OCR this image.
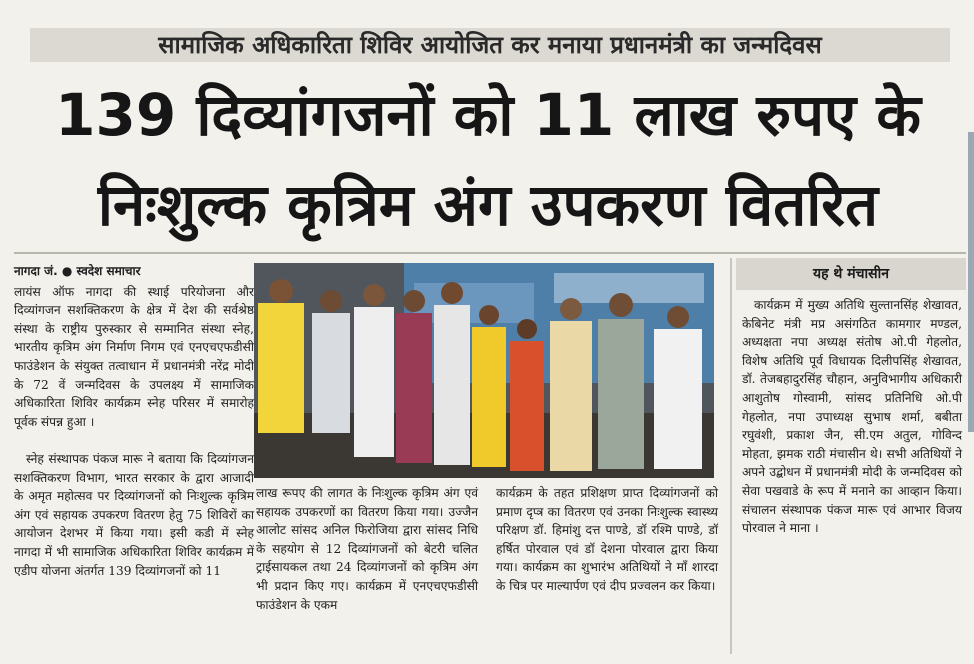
सामाजिक अधिकारिता शिविर आयोजित कर मनाया प्रधानमंत्री का जन्मदिवस
139 दिव्यांगजनों को 11 लाख रुपए के
निःशुल्क कृत्रिम अंग उपकरण वितरित

नागदा जं. ● स्वदेश समाचार

लायंस ऑफ नागदा की स्थाई परियोजना और दिव्यांगजन सशक्तिकरण के क्षेत्र में देश की सर्वश्रेष्ठ संस्था के राष्ट्रीय पुरुस्कार से सम्मानित संस्था स्नेह, भारतीय कृत्रिम अंग निर्माण निगम एवं एनएचएफडीसी फाउंडेशन के संयुक्त तत्वाधान में प्रधानमंत्री नरेंद्र मोदी के 72 वें जन्मदिवस के उपलक्ष्य में सामाजिक अधिकारिता शिविर कार्यक्रम स्नेह परिसर में समारोह पूर्वक संपन्न हुआ ।

स्नेह संस्थापक पंकज मारू ने बताया कि दिव्यांगजन सशक्तिकरण विभाग, भारत सरकार के द्वारा आजादी के अमृत महोत्सव पर दिव्यांगजनों को निःशुल्क कृत्रिम अंग एवं सहायक उपकरण वितरण हेतु 75 शिविरों का आयोजन देशभर में किया गया। इसी कडी में स्नेह नागदा में भी सामाजिक अधिकारिता शिविर कार्यक्रम में एडीप योजना अंतर्गत 139 दिव्यांगजनों को 11

लाख रूपए की लागत के निःशुल्क कृत्रिम अंग एवं सहायक उपकरणों का वितरण किया गया। उज्जैन आलोट सांसद अनिल फिरोजिया द्वारा सांसद निधि के सहयोग से 12 दिव्यांगजनों को बेटरी चलित ट्राईसायकल तथा 24 दिव्यांगजनों को कृत्रिम अंग भी प्रदान किए गए। कार्यक्रम में एनएचएफडीसी फाउंडेशन के एकम

कार्यक्रम के तहत प्रशिक्षण प्राप्त दिव्यांगजनों को प्रमाण दृप्त्र का वितरण एवं उनका निःशुल्क स्वास्थ्य परिक्षण डॉ. हिमांशु दत्त पाण्डे, डॉ रश्मि पाण्डे, डॉ हर्षित पोरवाल एवं डॉ देशना पोरवाल द्वारा किया गया। कार्यक्रम का शुभारंभ अतिथियों ने माँ शारदा के चित्र पर माल्यार्पण एवं दीप प्रज्वलन कर किया।

यह थे मंचासीन

कार्यक्रम में मुख्य अतिथि सुल्तानसिंह शेखावत, केबिनेट मंत्री मप्र असंगठित कामगार मण्डल, अध्यक्षता नपा अध्यक्ष संतोष ओ.पी गेहलोत, विशेष अतिथि पूर्व विधायक दिलीपसिंह शेखावत, डॉ. तेजबहादुरसिंह चौहान, अनुविभागीय अधिकारी आशुतोष गोस्वामी, सांसद प्रतिनिधि ओ.पी गेहलोत, नपा उपाध्यक्ष सुभाष शर्मा, बबीता रघुवंशी, प्रकाश जैन, सी.एम अतुल, गोविन्द मोहता, झमक राठी मंचासीन थे। सभी अतिथियों ने अपने उद्बोधन में प्रधानमंत्री मोदी के जन्मदिवस को सेवा पखवाडे के रूप में मनाने का आव्हान किया। संचालन संस्थापक पंकज मारू एवं आभार विजय पोरवाल ने माना ।
